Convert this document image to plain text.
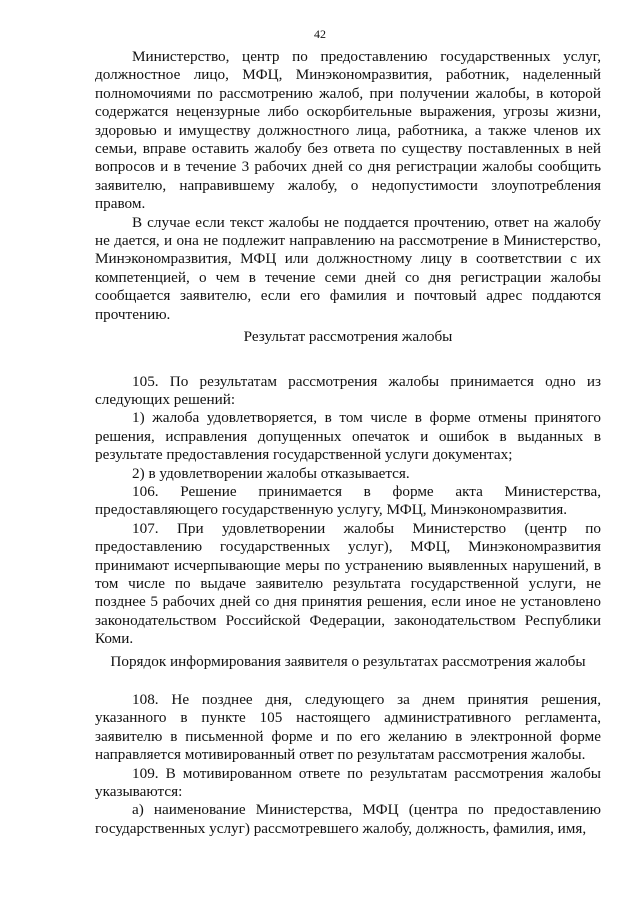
42

Министерство, центр по предоставлению государственных услуг, должностное лицо, МФЦ, Минэкономразвития, работник, наделенный полномочиями по рассмотрению жалоб, при получении жалобы, в которой содержатся нецензурные либо оскорбительные выражения, угрозы жизни, здоровью и имуществу должностного лица, работника, а также членов их семьи, вправе оставить жалобу без ответа по существу поставленных в ней вопросов и в течение 3 рабочих дней со дня регистрации жалобы сообщить заявителю, направившему жалобу, о недопустимости злоупотребления правом.

В случае если текст жалобы не поддается прочтению, ответ на жалобу не дается, и она не подлежит направлению на рассмотрение в Министерство, Минэкономразвития, МФЦ или должностному лицу в соответствии с их компетенцией, о чем в течение семи дней со дня регистрации жалобы сообщается заявителю, если его фамилия и почтовый адрес поддаются прочтению.

Результат рассмотрения жалобы

105. По результатам рассмотрения жалобы принимается одно из следующих решений:

1) жалоба удовлетворяется, в том числе в форме отмены принятого решения, исправления допущенных опечаток и ошибок в выданных в результате предоставления государственной услуги документах;

2) в удовлетворении жалобы отказывается.

106. Решение принимается в форме акта Министерства, предоставляющего государственную услугу, МФЦ, Минэкономразвития.

107. При удовлетворении жалобы Министерство (центр по предоставлению государственных услуг), МФЦ, Минэкономразвития принимают исчерпывающие меры по устранению выявленных нарушений, в том числе по выдаче заявителю результата государственной услуги, не позднее 5 рабочих дней со дня принятия решения, если иное не установлено законодательством Российской Федерации, законодательством Республики Коми.

Порядок информирования заявителя о результатах рассмотрения жалобы

108. Не позднее дня, следующего за днем принятия решения, указанного в пункте 105 настоящего административного регламента, заявителю в письменной форме и по его желанию в электронной форме направляется мотивированный ответ по результатам рассмотрения жалобы.

109. В мотивированном ответе по результатам рассмотрения жалобы указываются:

а) наименование Министерства, МФЦ (центра по предоставлению государственных услуг) рассмотревшего жалобу, должность, фамилия, имя,
